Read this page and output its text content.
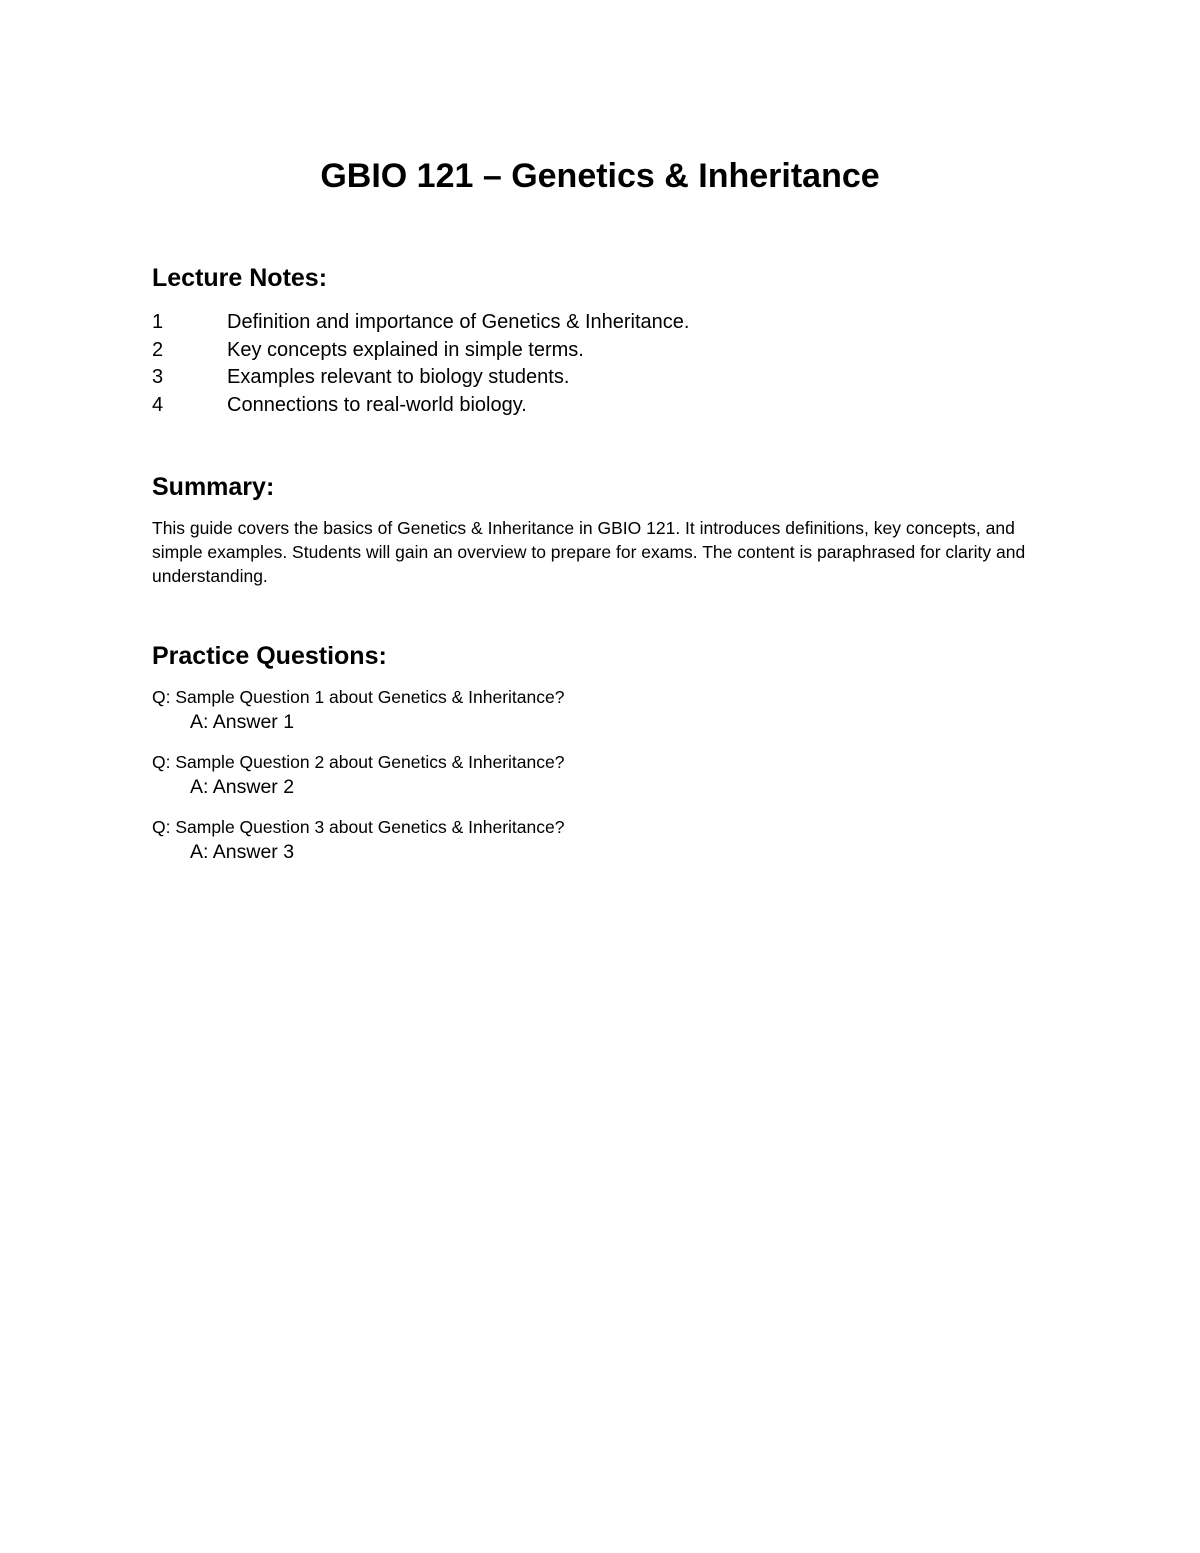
GBIO 121 – Genetics & Inheritance
Lecture Notes:
1	Definition and importance of Genetics & Inheritance.
2	Key concepts explained in simple terms.
3	Examples relevant to biology students.
4	Connections to real-world biology.
Summary:

This guide covers the basics of Genetics & Inheritance in GBIO 121. It introduces definitions, key concepts, and simple examples. Students will gain an overview to prepare for exams. The content is paraphrased for clarity and understanding.

Practice Questions:
Q: Sample Question 1 about Genetics & Inheritance?
A: Answer 1
Q: Sample Question 2 about Genetics & Inheritance?
A: Answer 2
Q: Sample Question 3 about Genetics & Inheritance?
A: Answer 3
